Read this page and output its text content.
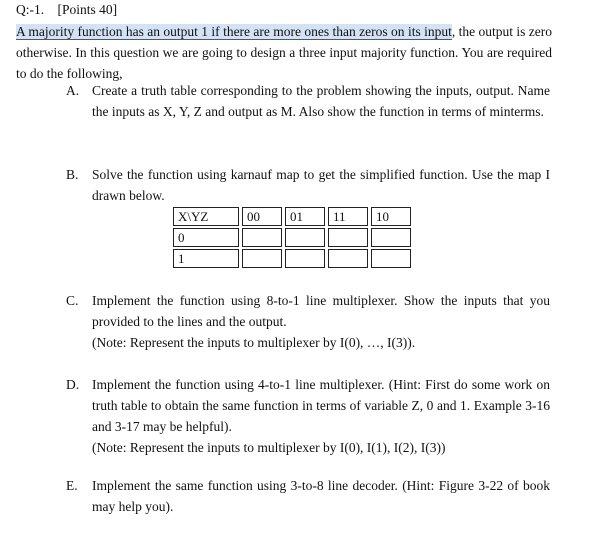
Q:-1. [Points 40]
A majority function has an output 1 if there are more ones than zeros on its input, the output is zero otherwise. In this question we are going to design a three input majority function. You are required to do the following,
A. Create a truth table corresponding to the problem showing the inputs, output. Name the inputs as X, Y, Z and output as M. Also show the function in terms of minterms.
B. Solve the function using karnauf map to get the simplified function. Use the map I drawn below.
X\YZ	00	01	11	10
0				
1				
C. Implement the function using 8-to-1 line multiplexer. Show the inputs that you provided to the lines and the output.
(Note: Represent the inputs to multiplexer by I(0), …, I(3)).
D. Implement the function using 4-to-1 line multiplexer. (Hint: First do some work on truth table to obtain the same function in terms of variable Z, 0 and 1. Example 3-16 and 3-17 may be helpful).
(Note: Represent the inputs to multiplexer by I(0), I(1), I(2), I(3))
E. Implement the same function using 3-to-8 line decoder. (Hint: Figure 3-22 of book may help you).
